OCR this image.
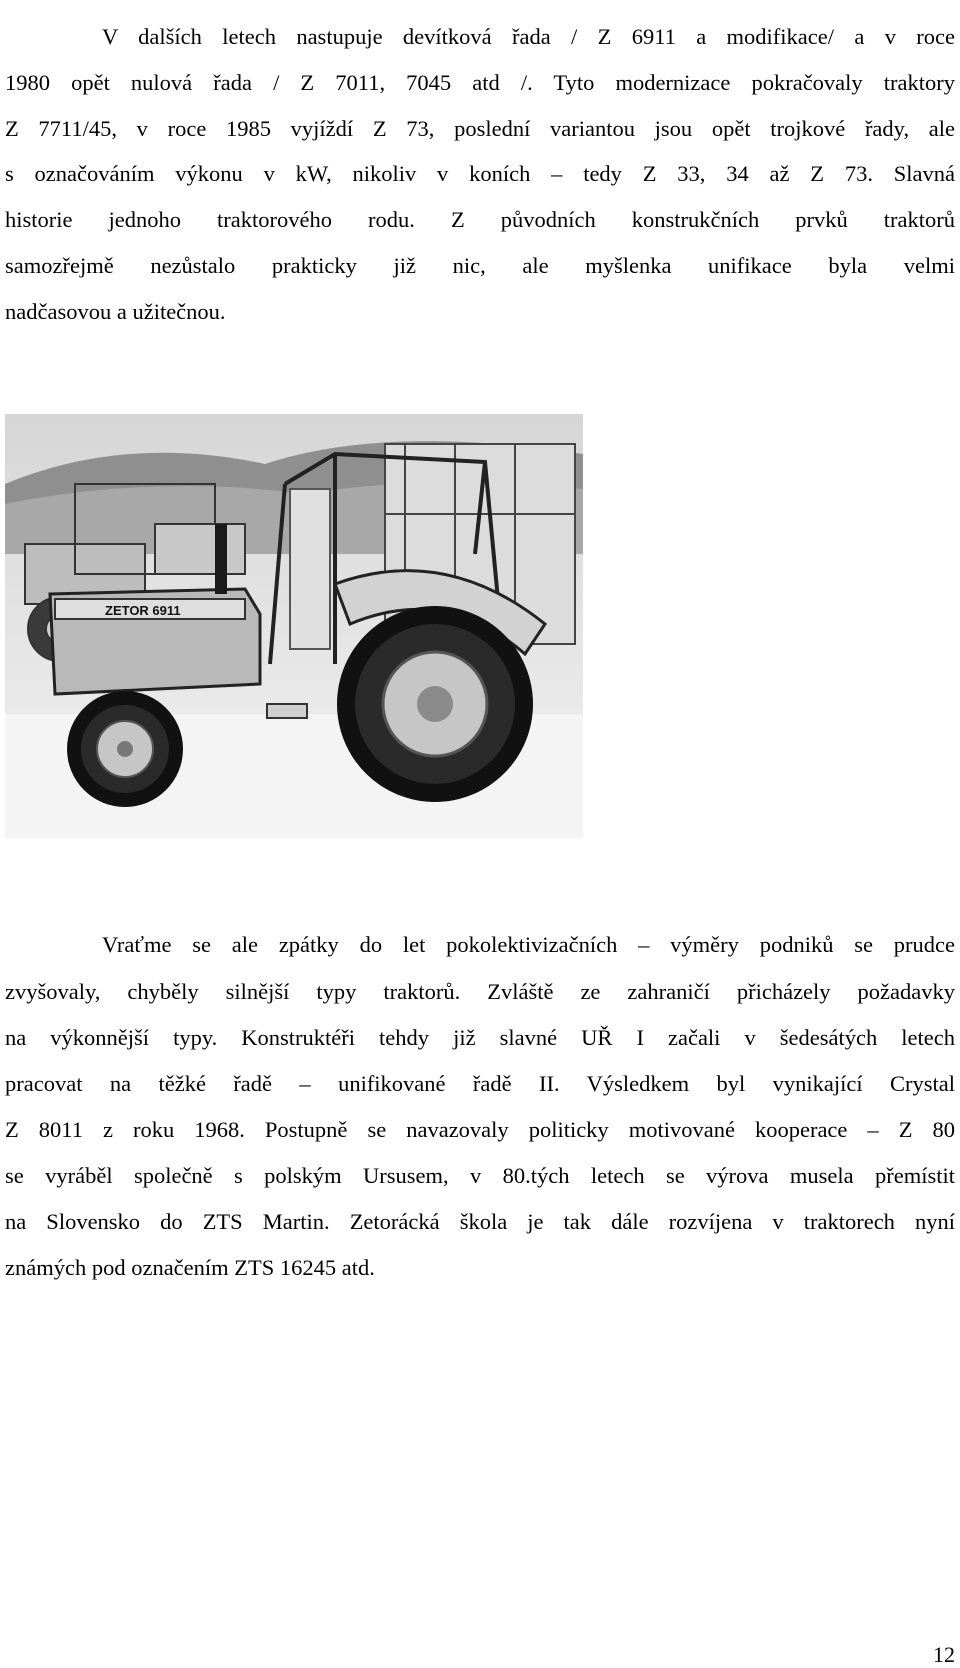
V dalších letech nastupuje devítková řada / Z 6911 a modifikace/ a v roce
1980 opět nulová řada / Z 7011, 7045 atd /. Tyto modernizace pokračovaly traktory
Z 7711/45, v roce 1985 vyjíždí Z 73, poslední variantou jsou opět trojkové řady, ale
s označováním výkonu v kW, nikoliv v koních – tedy Z 33, 34 až Z 73. Slavná
historie jednoho traktorového rodu. Z původních konstrukčních prvků traktorů
samozřejmě nezůstalo prakticky již nic, ale myšlenka unifikace byla velmi
nadčasovou a užitečnou.
ZETOR 6911
Vraťme se ale zpátky do let pokolektivizačních – výměry podniků se prudce
zvyšovaly, chyběly silnější typy traktorů. Zvláště ze zahraničí přicházely požadavky
na výkonnější typy. Konstruktéři tehdy již slavné UŘ I začali v šedesátých letech
pracovat na těžké řadě – unifikované řadě II. Výsledkem byl vynikající Crystal
Z 8011 z roku 1968. Postupně se navazovaly politicky motivované kooperace – Z 80
se vyráběl společně s polským Ursusem, v 80.tých letech se výrova musela přemístit
na Slovensko do ZTS Martin. Zetorácká škola je tak dále rozvíjena v traktorech nyní
známých pod označením ZTS 16245 atd.
12
